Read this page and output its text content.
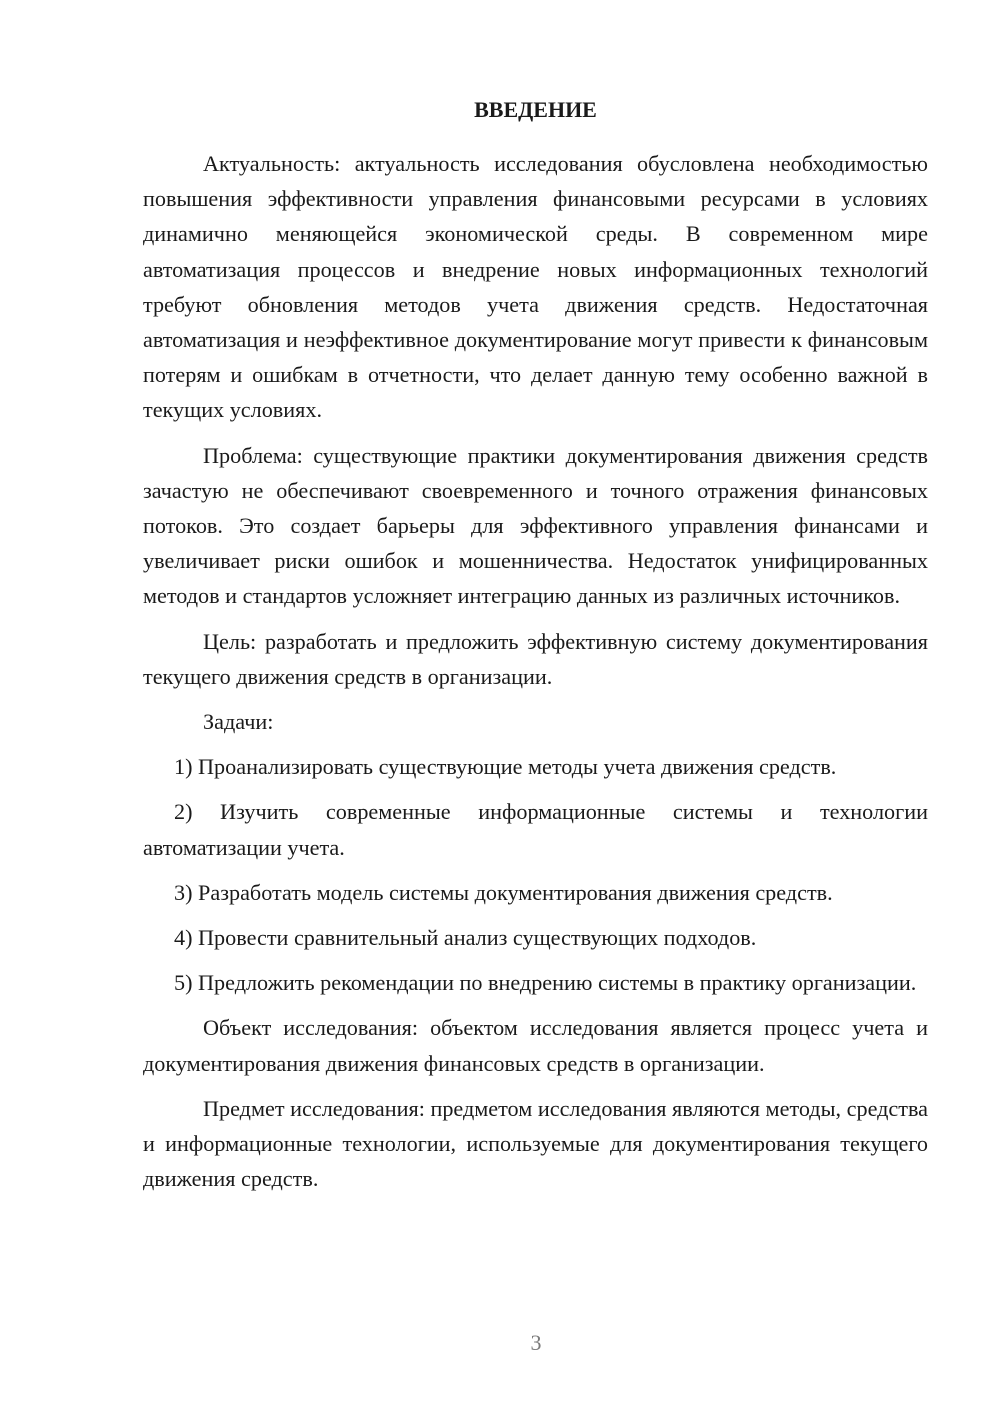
ВВЕДЕНИЕ

Актуальность: актуальность исследования обусловлена необходимостью повышения эффективности управления финансовыми ресурсами в условиях динамично меняющейся экономической среды. В современном мире автоматизация процессов и внедрение новых информационных технологий требуют обновления методов учета движения средств. Недостаточная автоматизация и неэффективное документирование могут привести к финансовым потерям и ошибкам в отчетности, что делает данную тему особенно важной в текущих условиях.

Проблема: существующие практики документирования движения средств зачастую не обеспечивают своевременного и точного отражения финансовых потоков. Это создает барьеры для эффективного управления финансами и увеличивает риски ошибок и мошенничества. Недостаток унифицированных методов и стандартов усложняет интеграцию данных из различных источников.

Цель: разработать и предложить эффективную систему документирования текущего движения средств в организации.

Задачи:

1) Проанализировать существующие методы учета движения средств.

2) Изучить современные информационные системы и технологии автоматизации учета.

3) Разработать модель системы документирования движения средств.

4) Провести сравнительный анализ существующих подходов.

5) Предложить рекомендации по внедрению системы в практику организации.

Объект исследования: объектом исследования является процесс учета и документирования движения финансовых средств в организации.

Предмет исследования: предметом исследования являются методы, средства и информационные технологии, используемые для документирования текущего движения средств.

3
